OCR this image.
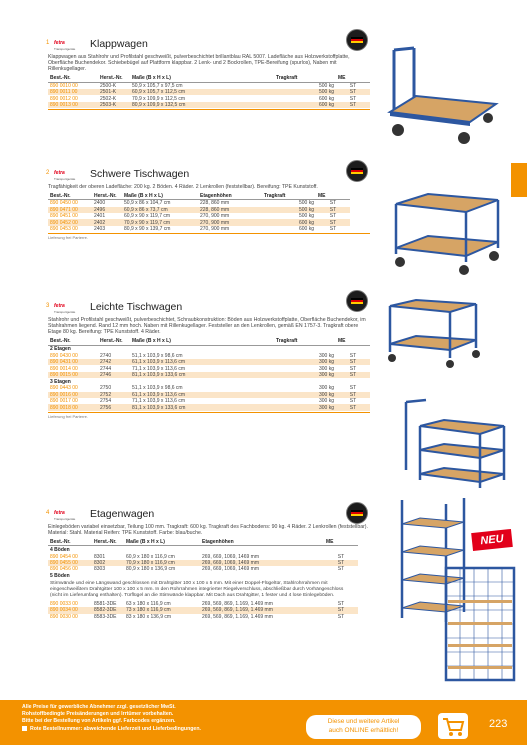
1 fetra
Transportgeräte	Klappwagen
Klappwagen aus Stahlrohr und Profilstahl geschweißt, pulverbeschichtet brillantblau RAL 5007. Ladefläche aus Holzwerkstoffplatte, Oberfläche Buchendekor. Schiebebügel auf Plattform klappbar. 2 Lenk- und 2 Bockrollen, TPE-Bereifung (spurlos), Naben mit Rillenkugellager.
Best.-Nr.	Herst.-Nr.	Maße (B x H x L)	Tragkraft	ME
890 0010 00	2500-K	50,9 x 105,7 x 97,5 cm	500 kg	ST
890 0011 00	2501-K	60,9 x 105,7 x 112,5 cm	500 kg	ST
890 0012 00	2502-K	70,9 x 109,9 x 112,5 cm	600 kg	ST
890 0013 00	2503-K	80,9 x 109,9 x 132,5 cm	600 kg	ST
2 fetra
Transportgeräte	Schwere Tischwagen
Tragfähigkeit der oberen Ladefläche: 200 kg. 2 Böden. 4 Räder. 2 Lenkrollen (feststellbar). Bereifung: TPE Kunststoff.
Best.-Nr.	Herst.-Nr.	Maße (B x H x L)	Etagenhöhen	Tragkraft	ME
890 0450 00	2400	50,9 x 86 x 104,7 cm	228, 860 mm	500 kg	ST
890 0471 00	2496	60,9 x 86 x 73,7 cm	228, 860 mm	500 kg	ST
890 0451 00	2401	60,9 x 90 x 119,7 cm	270, 900 mm	500 kg	ST
890 0452 00	2402	70,9 x 90 x 119,7 cm	270, 900 mm	600 kg	ST
890 0453 00	2403	80,9 x 90 x 139,7 cm	270, 900 mm	600 kg	ST
Lieferung frei Parterre.
3 fetra
Transportgeräte	Leichte Tischwagen
Stahlrohr und Profilstahl geschweißt, pulverbeschichtet, Schraubkonstruktion: Böden aus Holzwerkstoffplatte, Oberfläche Buchendekor, im Stahlrahmen liegend. Rand 12 mm hoch. Naben mit Rillenkugellager. Feststeller an den Lenkrollen, gemäß EN 1757-3. Tragkraft obere Etage 80 kg. Bereifung: TPE Kunststoff. 4 Räder.
Best.-Nr.	Herst.-Nr.	Maße (B x H x L)	Tragkraft	ME
2 Etagen				
890 0430 00	2740	51,1 x 103,9 x 98,6 cm	300 kg	ST
890 0431 00	2742	61,1 x 103,9 x 113,6 cm	300 kg	ST
890 0014 00	2744	71,1 x 103,9 x 113,6 cm	300 kg	ST
890 0015 00	2746	81,1 x 103,9 x 133,6 cm	300 kg	ST
3 Etagen				
890 0443 00	2750	51,1 x 103,9 x 98,6 cm	300 kg	ST
890 0016 00	2752	61,1 x 103,9 x 113,6 cm	300 kg	ST
890 0017 00	2754	71,1 x 103,9 x 113,6 cm	300 kg	ST
890 0018 00	2756	81,1 x 103,9 x 133,6 cm	300 kg	ST
Lieferung frei Parterre.
4 fetra
Transportgeräte	Etagenwagen
Einlegeböden variabel einsetzbar, Teilung 100 mm. Tragkraft: 600 kg. Tragkraft des Fachbodens: 90 kg. 4 Räder. 2 Lenkrollen (feststellbar). Material: Stahl. Material Reifen: TPE Kunststoff. Farbe: blau/buche.
Best.-Nr.	Herst.-Nr.	Maße (B x H x L)	Etagenhöhen	ME
4 Böden				
890 0454 00	8301	60,9 x 180 x 116,9 cm	269, 669, 1069, 1469 mm	ST
890 0455 00	8302	70,9 x 180 x 116,9 cm	269, 669, 1069, 1469 mm	ST
890 0456 00	8303	80,9 x 180 x 136,9 cm	269, 669, 1069, 1469 mm	ST
5 Böden				
Stirnwände und eine Längswand geschlossen mit Drahtgitter 100 x 100 x 5 mm. Mit einer Doppel-Flügeltür, Stahlrohrrahmen mit eingeschweißtem Drahtgitter 100 x 100 x 5 mm. In den Rohrrahmen integrierter Riegelverschluss, abschließbar durch Vorhängeschloss (nicht im Lieferumfang enthalten). Türflügel an die Stirnwände klappbar. Mit Dach aus Drahtgitter, 1 fester und 4 lose Einlegeböden.				
890 0033 00	8581-3DE	63 x 180 x 116,9 cm	269, 569, 869, 1.169, 1.469 mm	ST
890 0034 00	8582-3DE	73 x 180 x 116,9 cm	269, 569, 869, 1.169, 1.469 mm	ST
890 0030 00	8583-3DE	83 x 180 x 136,9 cm	269, 569, 869, 1.169, 1.469 mm	ST
NEU
Alle Preise für gewerbliche Abnehmer zzgl. gesetzlicher MwSt.
Rohstoffbedingte Preisänderungen und Irrtümer vorbehalten.
Bitte bei der Bestellung von Artikeln ggf. Farbcodes ergänzen.
Rote Bestellnummer: abweichende Lieferzeit und Lieferbedingungen.
Diese und weitere Artikel
auch ONLINE erhältlich!	223
